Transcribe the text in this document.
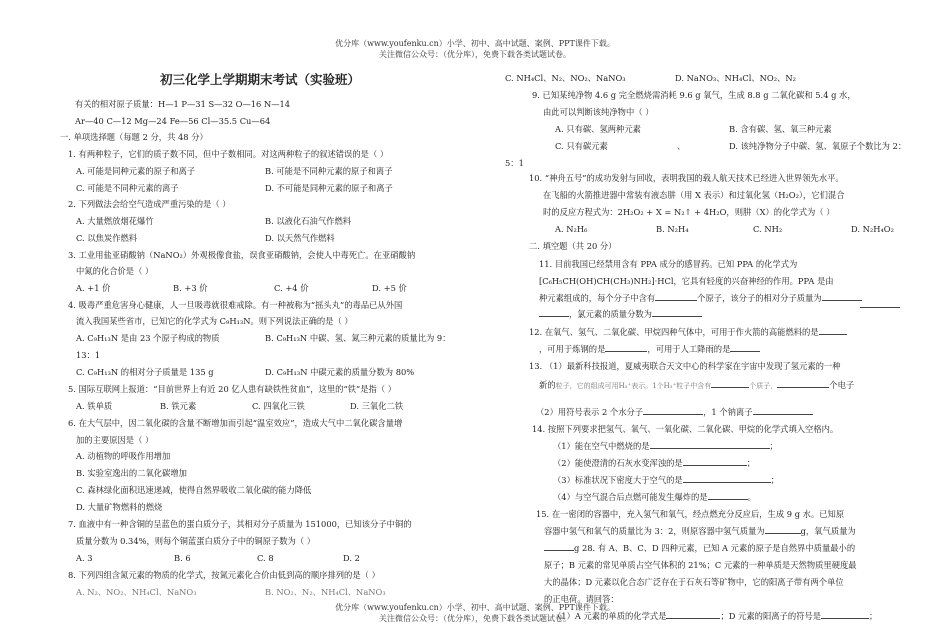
优分库（www.youfenku.cn）小学、初中、高中试题、案例、PPT课件下载。
关注微信公众号：（优分库），免费下载各类试题试卷。
初三化学上学期期末考试（实验班）
有关的相对原子质量：H—1 P—31 S—32 O—16 N—14
Ar—40 C—12 Mg—24 Fe—56 Cl—35.5 Cu—64
一. 单项选择题（每题 2 分，共 48 分）
1. 有两种粒子，它们的质子数不同，但中子数相同。对这两种粒子的叙述错误的是（ ）
A. 可能是同种元素的原子和离子	B. 可能是不同种元素的原子和离子
C. 可能是不同种元素的离子	D. 不可能是同种元素的原子和离子
2. 下列做法会给空气造成严重污染的是（ ）
A. 大量燃放烟花爆竹	B. 以液化石油气作燃料
C. 以焦炭作燃料	D. 以天然气作燃料
3. 工业用盐亚硝酸钠（NaNO₂）外观极像食盐，误食亚硝酸钠，会使人中毒死亡。在亚硝酸钠
中氮的化合价是（ ）
A. +1 价	B. +3 价	C. +4 价	D. +5 价
4. 吸毒严重危害身心健康，人一旦吸毒就很难戒除。有一种被称为“摇头丸”的毒品已从外国
流入我国某些省市，已知它的化学式为 C₉H₁₃N。则下列说法正确的是（ ）
A. C₉H₁₃N 是由 23 个原子构成的物质	B. C₉H₁₃N 中碳、氢、氮三种元素的质量比为 9：
13：1
C. C₉H₁₃N 的相对分子质量是 135 g	D. C₉H₁₃N 中碳元素的质量分数为 80%
5. 国际互联网上报道：“目前世界上有近 20 亿人患有缺铁性贫血”，这里的“铁”是指（ ）
A. 铁单质	B. 铁元素	C. 四氧化三铁	D. 三氧化二铁
6. 在大气层中，因二氧化碳的含量不断增加而引起“温室效应”，造成大气中二氧化碳含量增
加的主要原因是（ ）
A. 动植物的呼吸作用增加
B. 实验室逸出的二氧化碳增加
C. 森林绿化面积迅速递减，使得自然界吸收二氧化碳的能力降低
D. 大量矿物燃料的燃烧
7. 血液中有一种含铜的呈蓝色的蛋白质分子，其相对分子质量为 151000，已知该分子中铜的
质量分数为 0.34%，则每个铜蓝蛋白质分子中的铜原子数为（ ）
A. 3	B. 6	C. 8	D. 2
8. 下列四组含氮元素的物质的化学式，按氮元素化合价由低到高的顺序排列的是（ ）
A. N₂、NO₂、NH₄Cl、NaNO₃	B. NO₂、N₂、NH₄Cl、NaNO₃
C. NH₄Cl、N₂、NO₂、NaNO₃	D. NaNO₃、NH₄Cl、NO₂、N₂
9. 已知某纯净物 4.6 g 完全燃烧需消耗 9.6 g 氧气，生成 8.8 g 二氧化碳和 5.4 g 水，
由此可以判断该纯净物中（ ）
A. 只有碳、氢两种元素	B. 含有碳、氢、氧三种元素
C. 只有碳元素	、	D. 该纯净物分子中碳、氢、氧原子个数比为 2：
5：1
10. “神舟五号”的成功发射与回收，表明我国的载人航天技术已经进入世界领先水平。
在飞船的火箭推进器中常装有液态肼（用 X 表示）和过氧化氢（H₂O₂），它们混合
时的反应方程式为：2H₂O₂ + X = N₂↑ + 4H₂O，则肼（X）的化学式为（ ）
A. N₂H₆	B. N₂H₄	C. NH₂	D. N₂H₄O₂
二. 填空题（共 20 分）
11. 目前我国已经禁用含有 PPA 成分的感冒药。已知 PPA 的化学式为
[C₆H₅CH(OH)CH(CH₃)NH₂]·HCl，它具有轻度的兴奋神经的作用。PPA 是由
种元素组成的，每个分子中含有	个原子，该分子的相对分子质量为
，氯元素的质量分数为
12. 在氧气、氢气、二氧化碳、甲烷四种气体中，可用于作火箭的高能燃料的是
，可用于炼钢的是	，可用于人工降雨的是
13. （1）最新科技报道，夏威夷联合天文中心的科学家在宇宙中发现了氢元素的一种
新的粒子，它的组成可用H₃⁺表示。1个H₃⁺粒子中含有	个质子，	个电子
（2）用符号表示 2 个水分子	，1 个钠离子
14. 按照下列要求把氢气、氧气、一氧化碳、二氧化碳、甲烷的化学式填入空格内。
（1）能在空气中燃烧的是	；
（2）能使澄清的石灰水变浑浊的是	；
（3）标准状况下密度大于空气的是	；
（4）与空气混合后点燃可能发生爆炸的是	。
15. 在一密闭的容器中，充入氢气和氧气，经点燃充分反应后，生成 9 g 水。已知原
容器中氢气和氧气的质量比为 3：2，则原容器中氢气质量为	g，氧气质量为
g 28. 有 A、B、C、D 四种元素，已知 A 元素的原子是自然界中质量最小的
原子；B 元素的常见单质占空气体积的 21%；C 元素的一种单质是天然物质里硬度最
大的晶体；D 元素以化合态广泛存在于石灰石等矿物中，它的阳离子带有两个单位
的正电荷。请回答：
（1）A 元素的单质的化学式是	；D 元素的阳离子的符号是	；
优分库（www.youfenku.cn）小学、初中、高中试题、案例、PPT课件下载。
关注微信公众号：（优分库），免费下载各类试题试卷。
